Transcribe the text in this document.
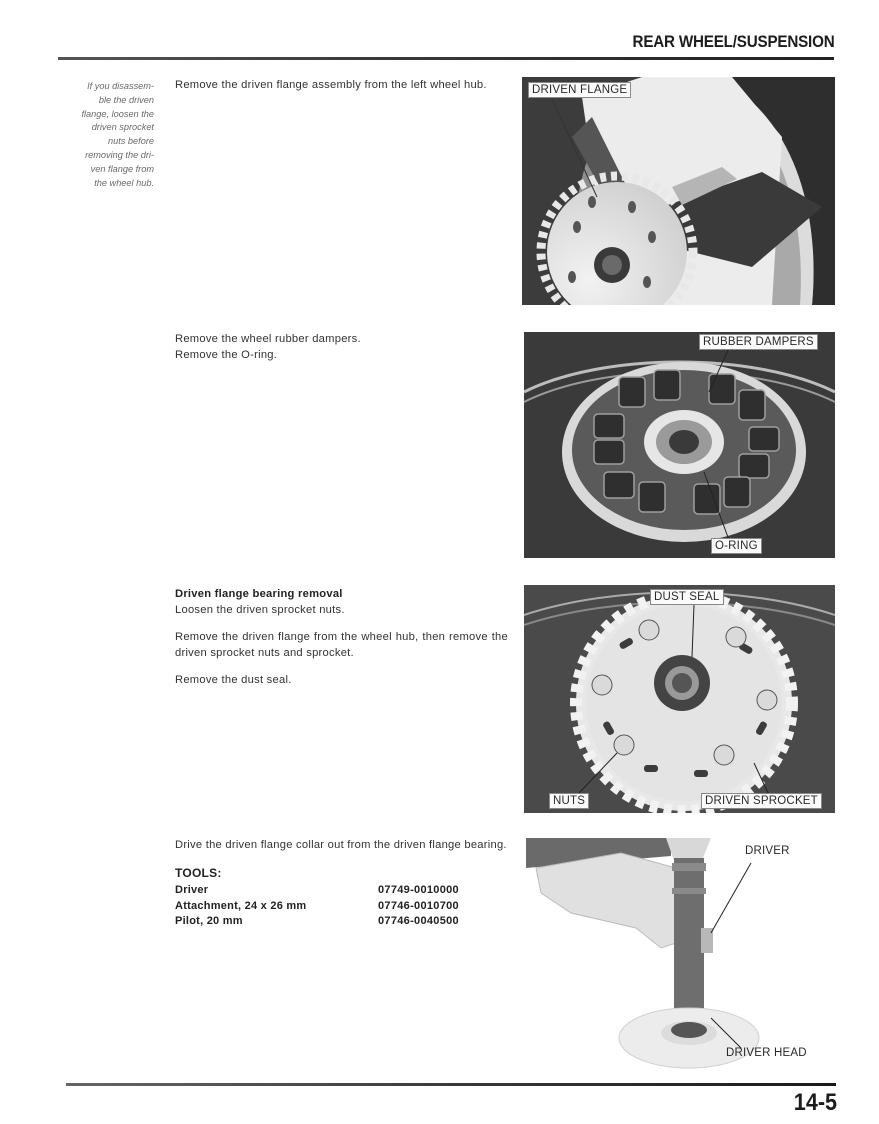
REAR WHEEL/SUSPENSION
If you disassem-
ble the driven
flange, loosen the
driven sprocket
nuts before
removing the dri-
ven flange from
the wheel hub.
Remove the driven flange assembly from the left wheel hub.	DRIVEN FLANGE
Remove the wheel rubber dampers.
Remove the O-ring.
RUBBER DAMPERS
O-RING
Driven flange bearing removal
Loosen the driven sprocket nuts.
Remove the driven flange from the wheel hub, then remove the driven sprocket nuts and sprocket.
Remove the dust seal.
DUST SEAL
NUTS	DRIVEN SPROCKET
Drive the driven flange collar out from the driven flange bearing.
TOOLS:
Driver	07749-0010000
Attachment, 24 x 26 mm	07746-0010700
Pilot, 20 mm	07746-0040500
DRIVER
DRIVER HEAD
14-5
